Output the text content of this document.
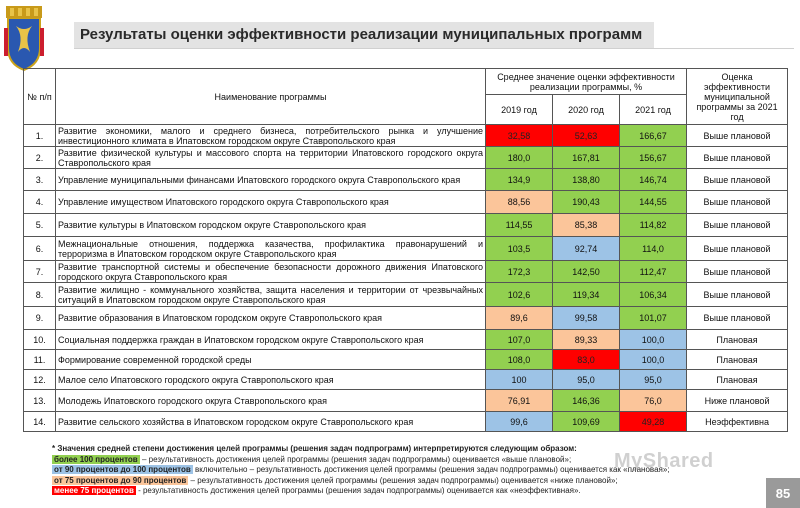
Результаты оценки эффективности реализации муниципальных программ
№ п/п	Наименование программы	Среднее значение оценки эффективности реализации программы, %			Оценка эффективности муниципальной программы за 2021 год
		2019 год	2020 год	2021 год	
1.	Развитие экономики, малого и среднего бизнеса, потребительского рынка и улучшение инвестиционного климата в Ипатовском городском округе Ставропольского края	32,58	52,63	166,67	Выше плановой
2.	Развитие физической культуры и массового спорта на территории Ипатовского городского округа Ставропольского края	180,0	167,81	156,67	Выше плановой
3.	Управление муниципальными финансами Ипатовского городского округа Ставропольского края	134,9	138,80	146,74	Выше плановой
4.	Управление имуществом Ипатовского городского округа Ставропольского края	88,56	190,43	144,55	Выше плановой
5.	Развитие культуры в Ипатовском городском округе Ставропольского края	114,55	85,38	114,82	Выше плановой
6.	Межнациональные отношения, поддержка казачества, профилактика правонарушений и терроризма в Ипатовском городском округе Ставропольского края	103,5	92,74	114,0	Выше плановой
7.	Развитие транспортной системы и обеспечение безопасности дорожного движения Ипатовского городского округа Ставропольского края	172,3	142,50	112,47	Выше плановой
8.	Развитие жилищно - коммунального хозяйства, защита населения и территории от чрезвычайных ситуаций в Ипатовском городском округе Ставропольского края	102,6	119,34	106,34	Выше плановой
9.	Развитие образования в Ипатовском городском округе Ставропольского края	89,6	99,58	101,07	Выше плановой
10.	Социальная поддержка граждан в Ипатовском городском округе Ставропольского края	107,0	89,33	100,0	Плановая
11.	Формирование современной городской среды	108,0	83,0	100,0	Плановая
12.	Малое село Ипатовского городского округа Ставропольского края	100	95,0	95,0	Плановая
13.	Молодежь Ипатовского городского округа Ставропольского края	76,91	146,36	76,0	Ниже плановой
14.	Развитие сельского хозяйства в Ипатовском городском округе Ставропольского края	99,6	109,69	49,28	Неэффективна
* Значения средней степени достижения целей программы (решения задач подпрограмм) интерпретируются следующим образом:
более 100 процентов – результативность достижения целей программы (решения задач подпрограммы) оценивается «выше плановой»;
от 90 процентов до 100 процентов включительно – результативность достижения целей программы (решения задач подпрограммы) оценивается как «плановая»;
от 75 процентов до 90 процентов – результативность достижения целей программы (решения задач подпрограммы) оценивается «ниже плановой»;
менее 75 процентов - результативность достижения целей программы (решения задач подпрограммы) оценивается как «неэффективная».
MyShared
85
